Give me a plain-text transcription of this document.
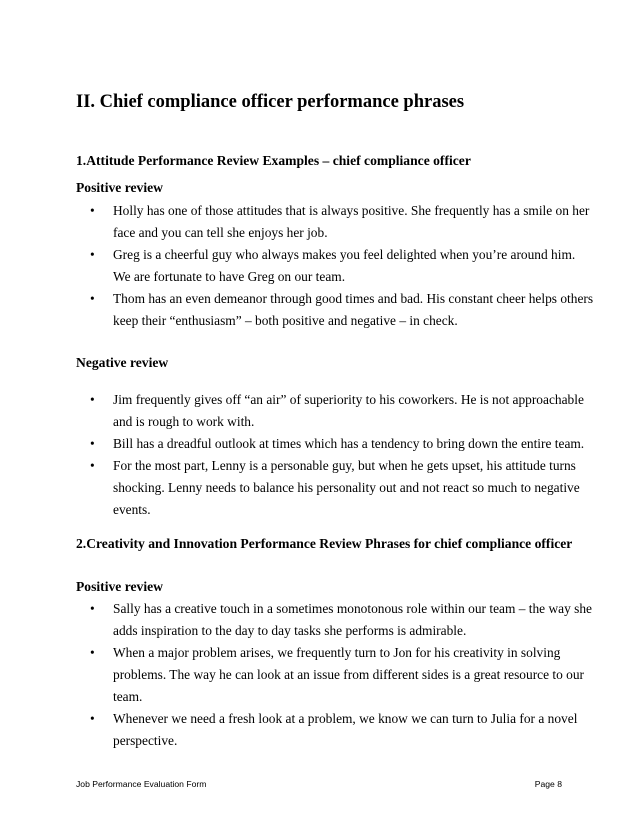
II. Chief compliance officer performance phrases
1.Attitude Performance Review Examples – chief compliance officer
Positive review
• Holly has one of those attitudes that is always positive. She frequently has a smile on her
face and you can tell she enjoys her job.
• Greg is a cheerful guy who always makes you feel delighted when you’re around him.
We are fortunate to have Greg on our team.
• Thom has an even demeanor through good times and bad. His constant cheer helps others
keep their “enthusiasm” – both positive and negative – in check.
Negative review
• Jim frequently gives off “an air” of superiority to his coworkers. He is not approachable
and is rough to work with.
• Bill has a dreadful outlook at times which has a tendency to bring down the entire team.
• For the most part, Lenny is a personable guy, but when he gets upset, his attitude turns
shocking. Lenny needs to balance his personality out and not react so much to negative
events.
2.Creativity and Innovation Performance Review Phrases for chief compliance officer
Positive review
• Sally has a creative touch in a sometimes monotonous role within our team – the way she
adds inspiration to the day to day tasks she performs is admirable.
• When a major problem arises, we frequently turn to Jon for his creativity in solving
problems. The way he can look at an issue from different sides is a great resource to our
team.
• Whenever we need a fresh look at a problem, we know we can turn to Julia for a novel
perspective.
Job Performance Evaluation Form	Page 8
